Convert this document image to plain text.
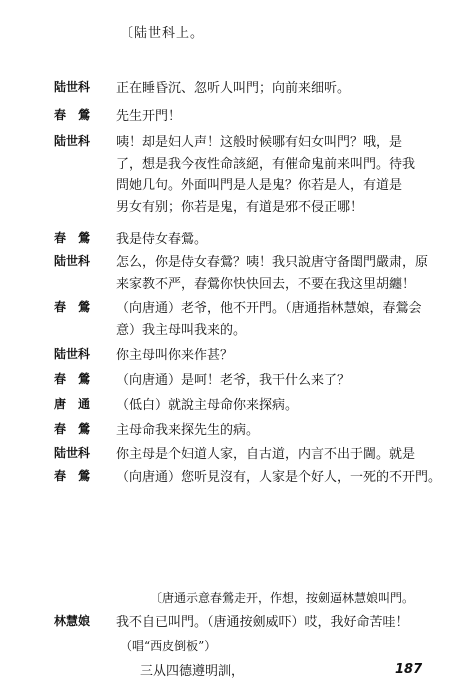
〔陆世科上。
陆世科	正在睡昏沉、忽听人叫門；向前来细听。
春　鶯	先生开門！
陆世科	咦！却是妇人声！这般时候哪有妇女叫門？哦，是
了，想是我今夜性命該絕，有催命鬼前来叫門。待我
問她几句。外面叫門是人是鬼？你若是人，有道是
男女有别；你若是鬼，有道是邪不侵正哪！
春　鶯	我是侍女春鶯。
陆世科	怎么，你是侍女春鶯？咦！我只說唐守备閨門嚴肃，原
来家教不严，春鶯你快快回去，不要在我这里胡纏！
春　鶯	（向唐通）老爷，他不开門。（唐通指林慧娘，春鶯会
意）我主母叫我来的。
陆世科	你主母叫你来作甚？
春　鶯	（向唐通）是呵！老爷，我干什么来了？
唐　通	（低白）就說主母命你来探病。
春　鶯	主母命我来探先生的病。
陆世科	你主母是个妇道人家，自古道，内言不出于閫。就是
春　鶯	（向唐通）您听見沒有，人家是个好人，一死的不开門。
〔唐通示意春鶯走开，作想，按劍逼林慧娘叫門。
林慧娘	我不自已叫門。（唐通按劍威吓）哎，我好命苦哇！
（唱“西皮倒板”）
三从四德遵明訓，	187
